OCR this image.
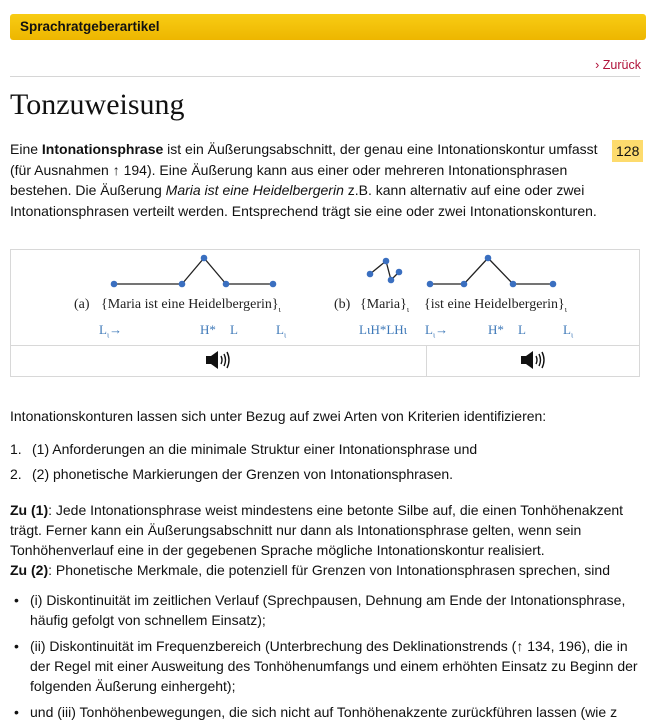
Sprachratgeberartikel
› Zurück
Tonzuweisung
Eine Intonationsphrase ist ein Äußerungsabschnitt, der genau eine Intonationskontur umfasst (für Ausnahmen ↑ 194). Eine Äußerung kann aus einer oder mehreren Intonationsphrasen bestehen. Die Äußerung Maria ist eine Heidelbergerin z.B. kann alternativ auf eine oder zwei Intonationsphrasen verteilt werden. Entsprechend trägt sie eine oder zwei Intonationskonturen.
128
(a) {Maria ist eine $Heidelbergerin\}_\iota$
$L_\iota\to$	H* L	$L_\iota$
(b) $\{Maria\}_\iota$ {ist eine $Heidelbergerin\}_\iota$
LιH*LHι $L_\iota\to$	H* L	$L_\iota$

Intonationskonturen lassen sich unter Bezug auf zwei Arten von Kriterien identifizieren:

1. (1) Anforderungen an die minimale Struktur einer Intonationsphrase und
2. (2) phonetische Markierungen der Grenzen von Intonationsphrasen.
Zu (1): Jede Intonationsphrase weist mindestens eine betonte Silbe auf, die einen Tonhöhenakzent trägt. Ferner kann ein Äußerungsabschnitt nur dann als Intonationsphrase gelten, wenn sein Tonhöhenverlauf eine in der gegebenen Sprache mögliche Intonationskontur realisiert.
Zu (2): Phonetische Merkmale, die potenziell für Grenzen von Intonationsphrasen sprechen, sind
• (i) Diskontinuität im zeitlichen Verlauf (Sprechpausen, Dehnung am Ende der Intonationsphrase, häufig gefolgt von schnellem Einsatz);
• (ii) Diskontinuität im Frequenzbereich (Unterbrechung des Deklinationstrends (↑ 134, 196), die in der Regel mit einer Ausweitung des Tonhöhenumfangs und einem erhöhten Einsatz zu Beginn der folgenden Äußerung einhergeht);
• und (iii) Tonhöhenbewegungen, die sich nicht auf Tonhöhenakzente zurückführen lassen (wie z
